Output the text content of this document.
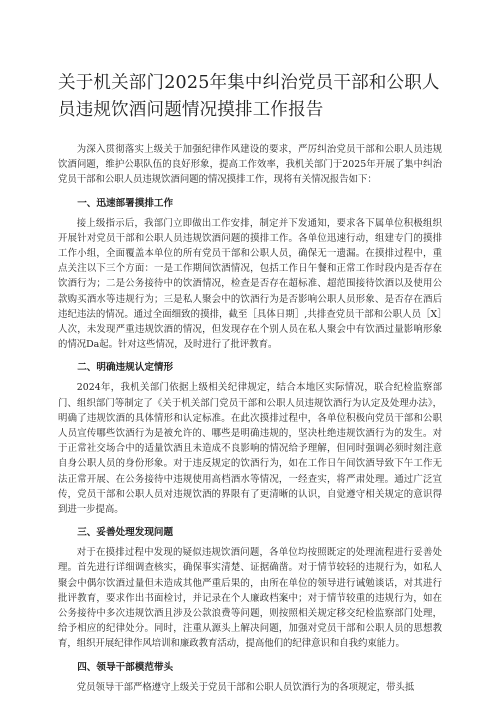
关于机关部门2025年集中纠治党员干部和公职人员违规饮酒问题情况摸排工作报告

为深入贯彻落实上级关于加强纪律作风建设的要求，严厉纠治党员干部和公职人员违规饮酒问题，维护公职队伍的良好形象，提高工作效率，我机关部门于2025年开展了集中纠治党员干部和公职人员违规饮酒问题的情况摸排工作，现将有关情况报告如下：

一、迅速部署摸排工作

接上级指示后，我部门立即做出工作安排，制定并下发通知，要求各下属单位积极组织开展针对党员干部和公职人员违规饮酒问题的摸排工作。各单位迅速行动，组建专门的摸排工作小组，全面覆盖本单位的所有党员干部和公职人员，确保无一遗漏。在摸排过程中，重点关注以下三个方面：一是工作期间饮酒情况，包括工作日午餐和正常工作时段内是否存在饮酒行为；二是公务接待中的饮酒情况，检查是否存在超标准、超范围接待饮酒以及使用公款购买酒水等违规行为；三是私人聚会中的饮酒行为是否影响公职人员形象、是否存在酒后违纪违法的情况。通过全面细致的摸排，截至［具体日期］,共排查党员干部和公职人员［X］人次，未发现严重违规饮酒的情况，但发现存在个别人员在私人聚会中有饮酒过量影响形象的情况Da起。针对这些情况，及时进行了批评教育。

二、明确违规认定情形

2024年，我机关部门依据上级相关纪律规定，结合本地区实际情况，联合纪检监察部门、组织部门等制定了《关于机关部门党员干部和公职人员违规饮酒行为认定及处理办法》，明确了违规饮酒的具体情形和认定标准。在此次摸排过程中，各单位积极向党员干部和公职人员宣传哪些饮酒行为是被允许的、哪些是明确违规的，坚决杜绝违规饮酒行为的发生。对于正常社交场合中的适量饮酒且未造成不良影响的情况给予理解，但同时强调必须时刻注意自身公职人员的身份形象。对于违反规定的饮酒行为，如在工作日午间饮酒导致下午工作无法正常开展、在公务接待中违规使用高档酒水等情况，一经查实，将严肃处理。通过广泛宣传，党员干部和公职人员对违规饮酒的界限有了更清晰的认识，自觉遵守相关规定的意识得到进一步提高。

三、妥善处理发现问题

对于在摸排过程中发现的疑似违规饮酒问题，各单位均按照既定的处理流程进行妥善处理。首先进行详细调查核实，确保事实清楚、证据确凿。对于情节较轻的违规行为，如私人聚会中偶尔饮酒过量但未造成其他严重后果的，由所在单位的领导进行诫勉谈话，对其进行批评教育，要求作出书面检讨，并记录在个人廉政档案中；对于情节较重的违规行为，如在公务接待中多次违规饮酒且涉及公款浪费等问题，则按照相关规定移交纪检监察部门处理，给予相应的纪律处分。同时，注重从源头上解决问题，加强对党员干部和公职人员的思想教育，组织开展纪律作风培训和廉政教育活动，提高他们的纪律意识和自我约束能力。

四、领导干部模范带头

党员领导干部严格遵守上级关于党员干部和公职人员饮酒行为的各项规定，带头抵
